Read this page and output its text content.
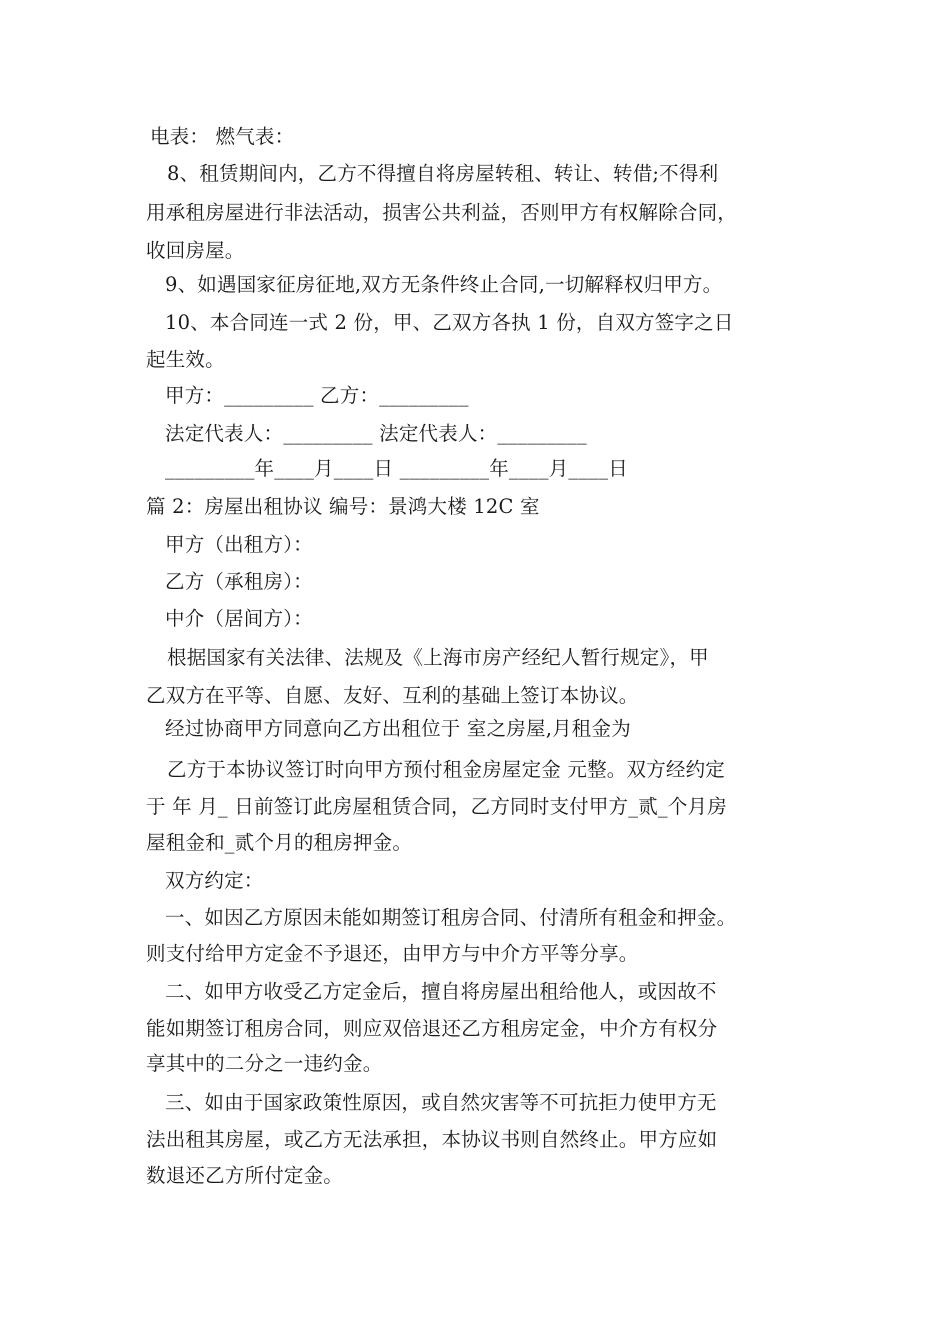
电表： 燃气表：
8、租赁期间内，乙方不得擅自将房屋转租、转让、转借;不得利
用承租房屋进行非法活动，损害公共利益，否则甲方有权解除合同，
收回房屋。
9、如遇国家征房征地,双方无条件终止合同,一切解释权归甲方。
10、本合同连一式 2 份，甲、乙双方各执 1 份，自双方签字之日
起生效。
甲方：_________ 乙方：_________
法定代表人：_________ 法定代表人：_________
_________年____月____日 _________年____月____日
篇 2：房屋出租协议 编号：景鸿大楼 12C 室
甲方（出租方）：
乙方（承租房）：
中介（居间方）：
根据国家有关法律、法规及《上海市房产经纪人暂行规定》，甲
乙双方在平等、自愿、友好、互利的基础上签订本协议。
经过协商甲方同意向乙方出租位于 室之房屋,月租金为
乙方于本协议签订时向甲方预付租金房屋定金 元整。双方经约定
于 年 月_ 日前签订此房屋租赁合同，乙方同时支付甲方_贰_个月房
屋租金和_贰个月的租房押金。
双方约定：
一、如因乙方原因未能如期签订租房合同、付清所有租金和押金。
则支付给甲方定金不予退还，由甲方与中介方平等分享。
二、如甲方收受乙方定金后，擅自将房屋出租给他人，或因故不
能如期签订租房合同，则应双倍退还乙方租房定金，中介方有权分
享其中的二分之一违约金。
三、如由于国家政策性原因，或自然灾害等不可抗拒力使甲方无
法出租其房屋，或乙方无法承担，本协议书则自然终止。甲方应如
数退还乙方所付定金。
